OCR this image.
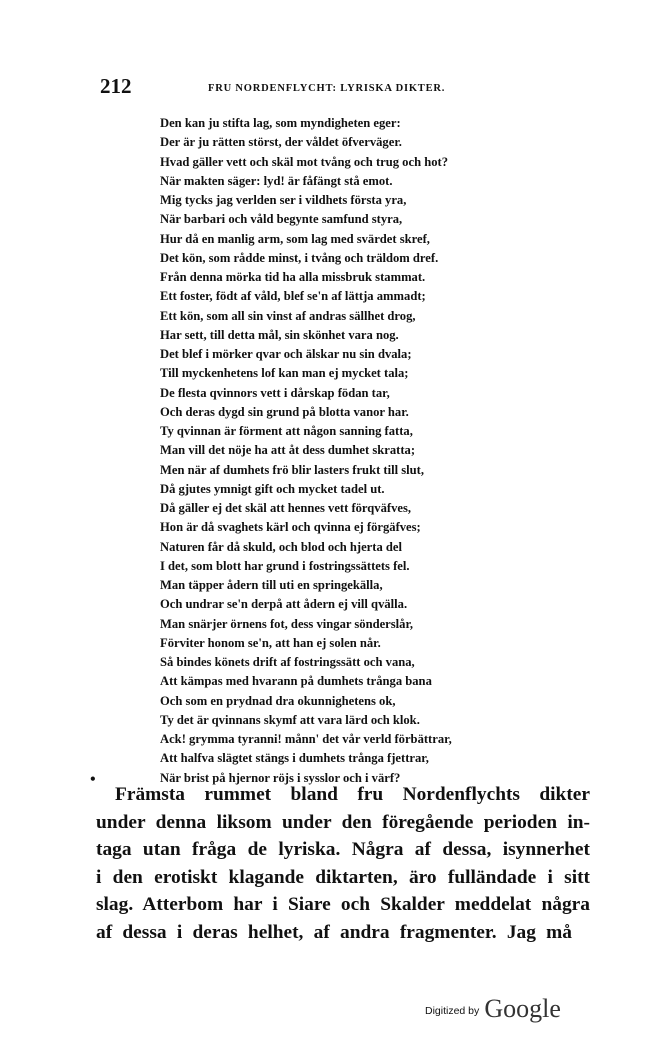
212	FRU NORDENFLYCHT: LYRISKA DIKTER.
Den kan ju stifta lag, som myndigheten eger:
Der är ju rätten störst, der våldet öfverväger.
Hvad gäller vett och skäl mot tvång och trug och hot?
När makten säger: lyd! är fåfängt stå emot.
Mig tycks jag verlden ser i vildhets första yra,
När barbari och våld begynte samfund styra,
Hur då en manlig arm, som lag med svärdet skref,
Det kön, som rådde minst, i tvång och träldom dref.
Från denna mörka tid ha alla missbruk stammat.
Ett foster, födt af våld, blef se'n af lättja ammadt;
Ett kön, som all sin vinst af andras sällhet drog,
Har sett, till detta mål, sin skönhet vara nog.
Det blef i mörker qvar och älskar nu sin dvala;
Till myckenhetens lof kan man ej mycket tala;
De flesta qvinnors vett i dårskap födan tar,
Och deras dygd sin grund på blotta vanor har.
Ty qvinnan är förment att någon sanning fatta,
Man vill det nöje ha att åt dess dumhet skratta;
Men när af dumhets frö blir lasters frukt till slut,
Då gjutes ymnigt gift och mycket tadel ut.
Då gäller ej det skäl att hennes vett förqväfves,
Hon är då svaghets kärl och qvinna ej förgäfves;
Naturen får då skuld, och blod och hjerta del
I det, som blott har grund i fostringssättets fel.
Man täpper ådern till uti en springekälla,
Och undrar se'n derpå att ådern ej vill qvälla.
Man snärjer örnens fot, dess vingar sönderslår,
Förviter honom se'n, att han ej solen når.
Så bindes könets drift af fostringssätt och vana,
Att kämpas med hvarann på dumhets trånga bana
Och som en prydnad dra okunnighetens ok,
Ty det är qvinnans skymf att vara lärd och klok.
Ack! grymma tyranni! månn' det vår verld förbättrar,
Att halfva slägtet stängs i dumhets trånga fjettrar,
När brist på hjernor röjs i sysslor och i värf?
•
Främsta rummet bland fru Nordenflychts dikter
under denna liksom under den föregående perioden in-
taga utan fråga de lyriska. Några af dessa, isynnerhet
i den erotiskt klagande diktarten, äro fulländade i sitt
slag. Atterbom har i Siare och Skalder meddelat några
af dessa i deras helhet, af andra fragmenter. Jag må
Digitized by Google
